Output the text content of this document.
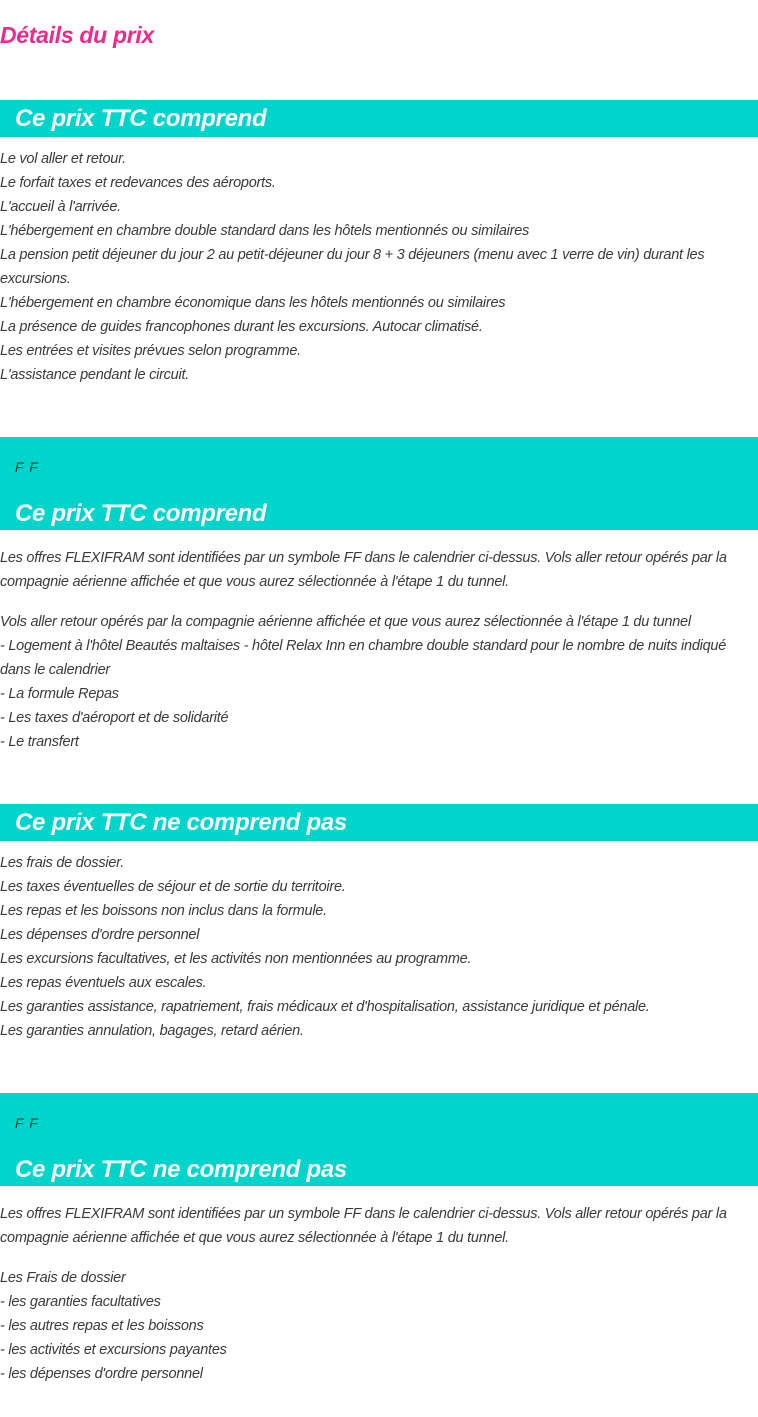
Détails du prix
Ce prix TTC comprend
Le vol aller et retour.
Le forfait taxes et redevances des aéroports.
L'accueil à l'arrivée.
L'hébergement en chambre double standard dans les hôtels mentionnés ou similaires
La pension petit déjeuner du jour 2 au petit-déjeuner du jour 8 + 3 déjeuners (menu avec 1 verre de vin) durant les excursions.
L'hébergement en chambre économique dans les hôtels mentionnés ou similaires
La présence de guides francophones durant les excursions. Autocar climatisé.
Les entrées et visites prévues selon programme.
L'assistance pendant le circuit.
F F
Ce prix TTC comprend

Les offres FLEXIFRAM sont identifiées par un symbole FF dans le calendrier ci-dessus. Vols aller retour opérés par la compagnie aérienne affichée et que vous aurez sélectionnée à l'étape 1 du tunnel.

Vols aller retour opérés par la compagnie aérienne affichée et que vous aurez sélectionnée à l'étape 1 du tunnel
- Logement à l'hôtel Beautés maltaises - hôtel Relax Inn en chambre double standard pour le nombre de nuits indiqué dans le calendrier
- La formule Repas
- Les taxes d'aéroport et de solidarité
- Le transfert
Ce prix TTC ne comprend pas
Les frais de dossier.
Les taxes éventuelles de séjour et de sortie du territoire.
Les repas et les boissons non inclus dans la formule.
Les dépenses d'ordre personnel
Les excursions facultatives, et les activités non mentionnées au programme.
Les repas éventuels aux escales.
Les garanties assistance, rapatriement, frais médicaux et d'hospitalisation, assistance juridique et pénale.
Les garanties annulation, bagages, retard aérien.
F F
Ce prix TTC ne comprend pas

Les offres FLEXIFRAM sont identifiées par un symbole FF dans le calendrier ci-dessus. Vols aller retour opérés par la compagnie aérienne affichée et que vous aurez sélectionnée à l'étape 1 du tunnel.

Les Frais de dossier
- les garanties facultatives
- les autres repas et les boissons
- les activités et excursions payantes
- les dépenses d'ordre personnel
